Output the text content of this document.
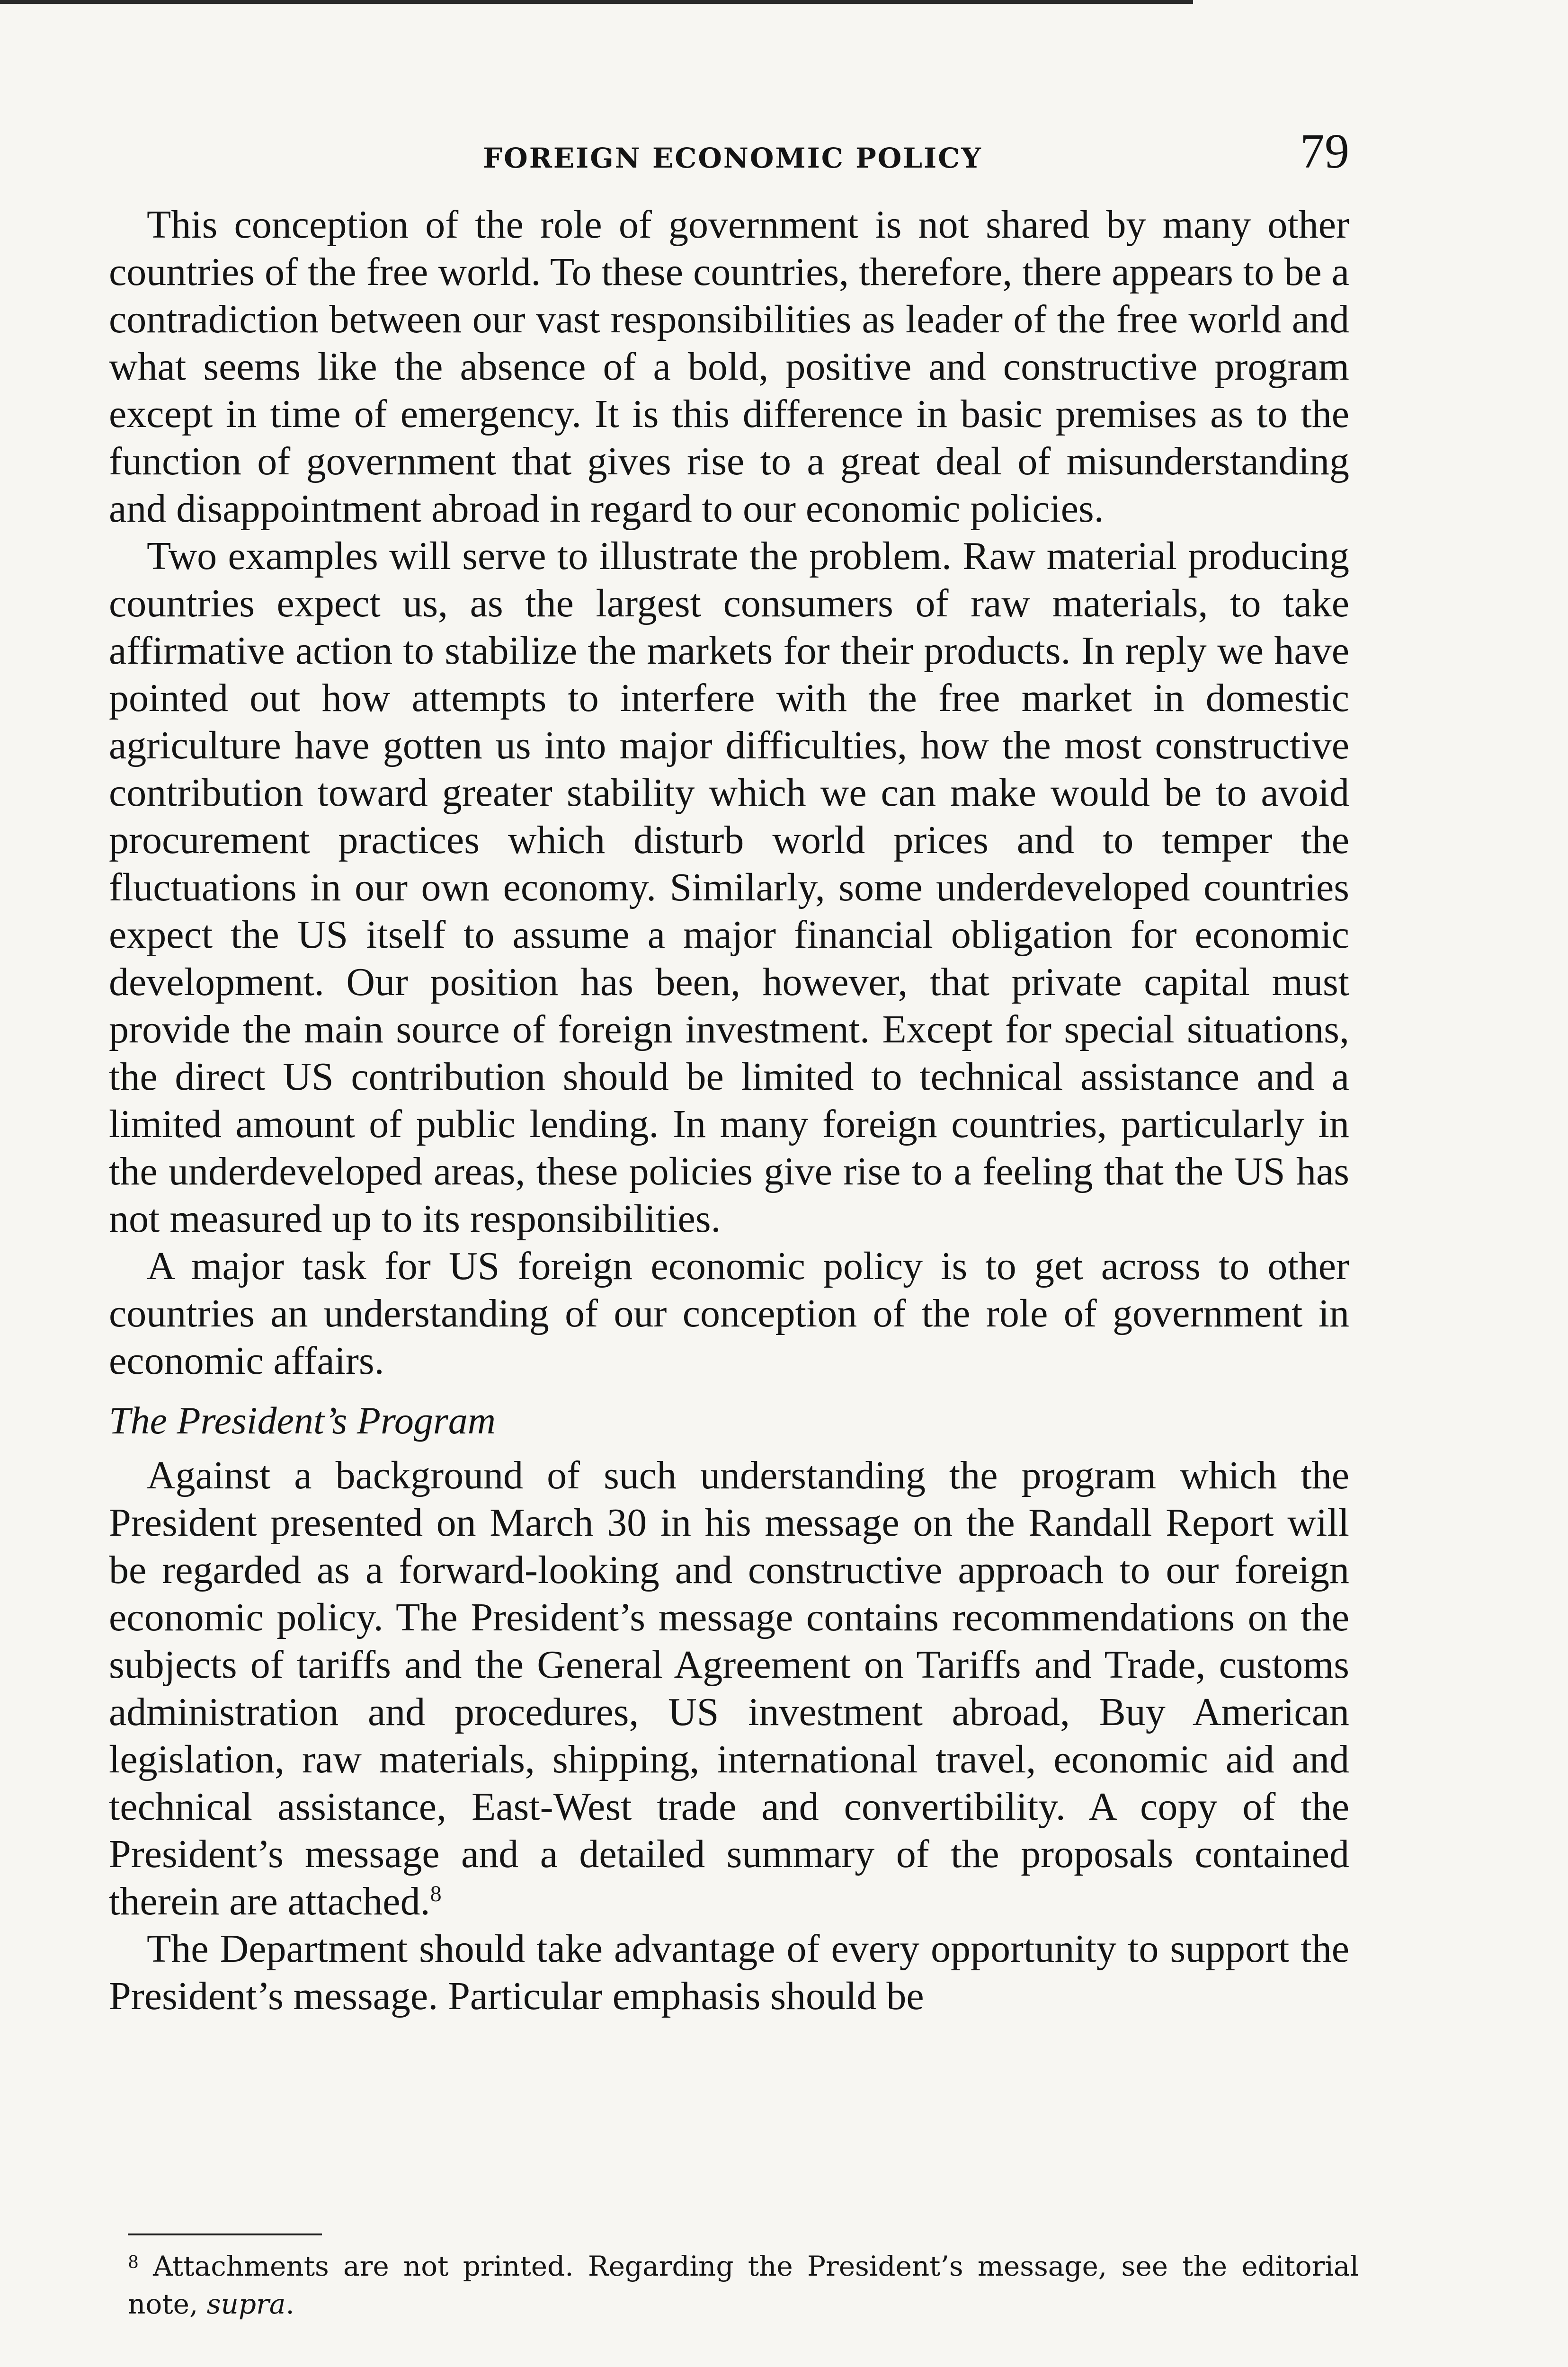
FOREIGN ECONOMIC POLICY	79

This conception of the role of government is not shared by many other countries of the free world. To these countries, therefore, there appears to be a contradiction between our vast responsibilities as leader of the free world and what seems like the absence of a bold, positive and constructive program except in time of emergency. It is this difference in basic premises as to the function of government that gives rise to a great deal of misunderstanding and disappointment abroad in regard to our economic policies.

Two examples will serve to illustrate the problem. Raw material producing countries expect us, as the largest consumers of raw materials, to take affirmative action to stabilize the markets for their products. In reply we have pointed out how attempts to interfere with the free market in domestic agriculture have gotten us into major difficulties, how the most constructive contribution toward greater stability which we can make would be to avoid procurement practices which disturb world prices and to temper the fluctuations in our own economy. Similarly, some underdeveloped countries expect the US itself to assume a major financial obligation for economic development. Our position has been, however, that private capital must provide the main source of foreign investment. Except for special situations, the direct US contribution should be limited to technical assistance and a limited amount of public lending. In many foreign countries, particularly in the underdeveloped areas, these policies give rise to a feeling that the US has not measured up to its responsibilities.

A major task for US foreign economic policy is to get across to other countries an understanding of our conception of the role of government in economic affairs.

The President’s Program

Against a background of such understanding the program which the President presented on March 30 in his message on the Randall Report will be regarded as a forward-looking and constructive approach to our foreign economic policy. The President’s message contains recommendations on the subjects of tariffs and the General Agreement on Tariffs and Trade, customs administration and procedures, US investment abroad, Buy American legislation, raw materials, shipping, international travel, economic aid and technical assistance, East-West trade and convertibility. A copy of the President’s message and a detailed summary of the proposals contained therein are attached.$^8$

The Department should take advantage of every opportunity to support the President’s message. Particular emphasis should be

$^8$ Attachments are not printed. Regarding the President’s message, see the editorial note, supra.
